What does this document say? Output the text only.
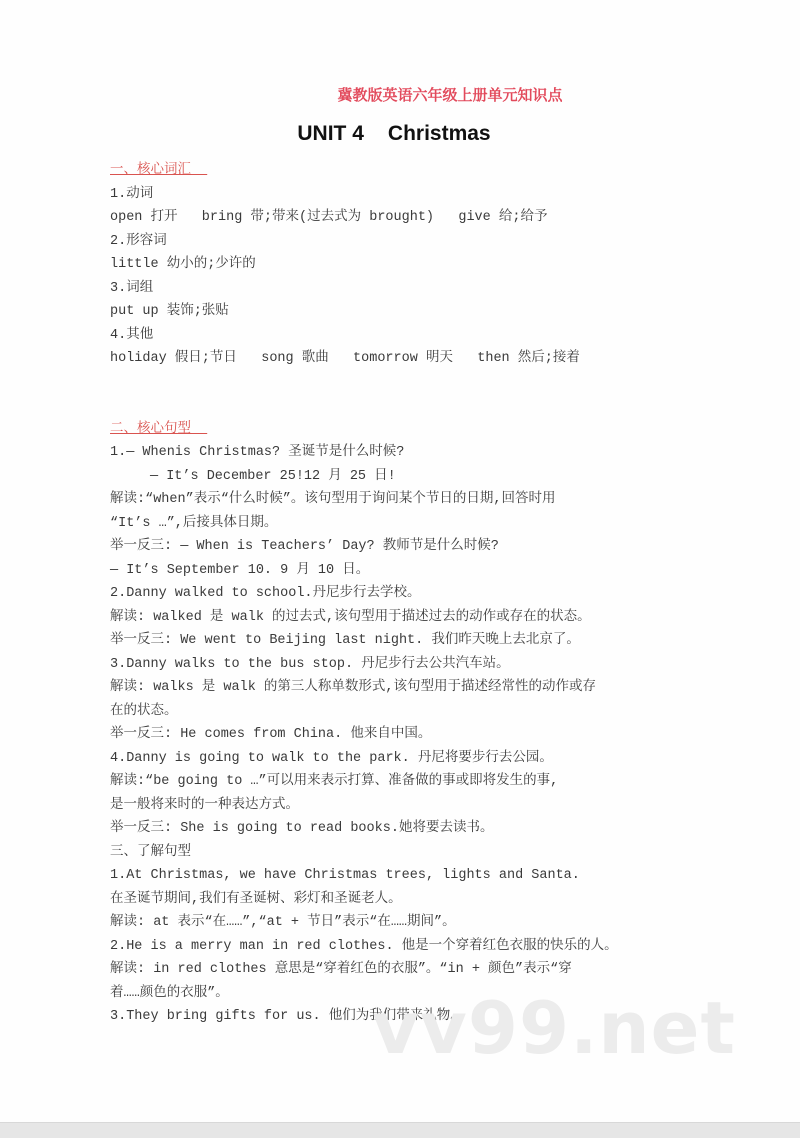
冀教版英语六年级上册单元知识点
UNIT 4 Christmas
一、核心词汇
1.动词
open 打开   bring 带;带来(过去式为 brought)   give 给;给予
2.形容词
little 幼小的;少许的
3.词组
put up 装饰;张贴
4.其他
holiday 假日;节日   song 歌曲   tomorrow 明天   then 然后;接着
二、核心句型
1.— Whenis Christmas? 圣诞节是什么时候?
— It’s December 25!12 月 25 日!
解读:“when”表示“什么时候”。该句型用于询问某个节日的日期,回答时用
“It’s …”,后接具体日期。
举一反三: — When is Teachers’ Day? 教师节是什么时候?
— It’s September 10. 9 月 10 日。
2.Danny walked to school.丹尼步行去学校。
解读: walked 是 walk 的过去式,该句型用于描述过去的动作或存在的状态。
举一反三: We went to Beijing last night. 我们昨天晚上去北京了。
3.Danny walks to the bus stop. 丹尼步行去公共汽车站。
解读: walks 是 walk 的第三人称单数形式,该句型用于描述经常性的动作或存
在的状态。
举一反三: He comes from China. 他来自中国。
4.Danny is going to walk to the park. 丹尼将要步行去公园。
解读:“be going to …”可以用来表示打算、准备做的事或即将发生的事,
是一般将来时的一种表达方式。
举一反三: She is going to read books.她将要去读书。
三、了解句型
1.At Christmas, we have Christmas trees, lights and Santa.
在圣诞节期间,我们有圣诞树、彩灯和圣诞老人。
解读: at 表示“在……”,“at + 节日”表示“在……期间”。
2.He is a merry man in red clothes. 他是一个穿着红色衣服的快乐的人。
解读: in red clothes 意思是“穿着红色的衣服”。“in + 颜色”表示“穿
着……颜色的衣服”。
3.They bring gifts for us. 他们为我们带来礼物。
vv99.net
